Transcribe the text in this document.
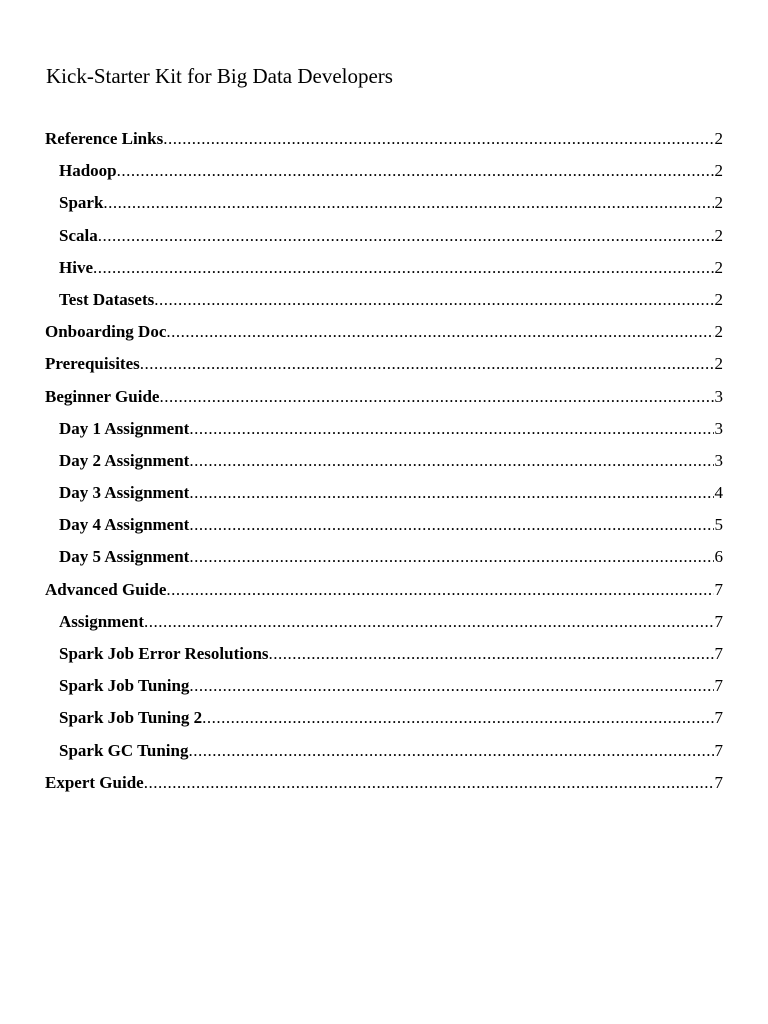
Kick-Starter Kit for Big Data Developers
Reference Links .....	2
Hadoop .....	2
Spark .....	2
Scala .....	2
Hive .....	2
Test Datasets .....	2
Onboarding Doc .....	2
Prerequisites .....	2
Beginner Guide .....	3
Day 1 Assignment .....	3
Day 2 Assignment .....	3
Day 3 Assignment .....	4
Day 4 Assignment .....	5
Day 5 Assignment .....	6
Advanced Guide .....	7
Assignment .....	7
Spark Job Error Resolutions .....	7
Spark Job Tuning .....	7
Spark Job Tuning 2 .....	7
Spark GC Tuning .....	7
Expert Guide .....	7
